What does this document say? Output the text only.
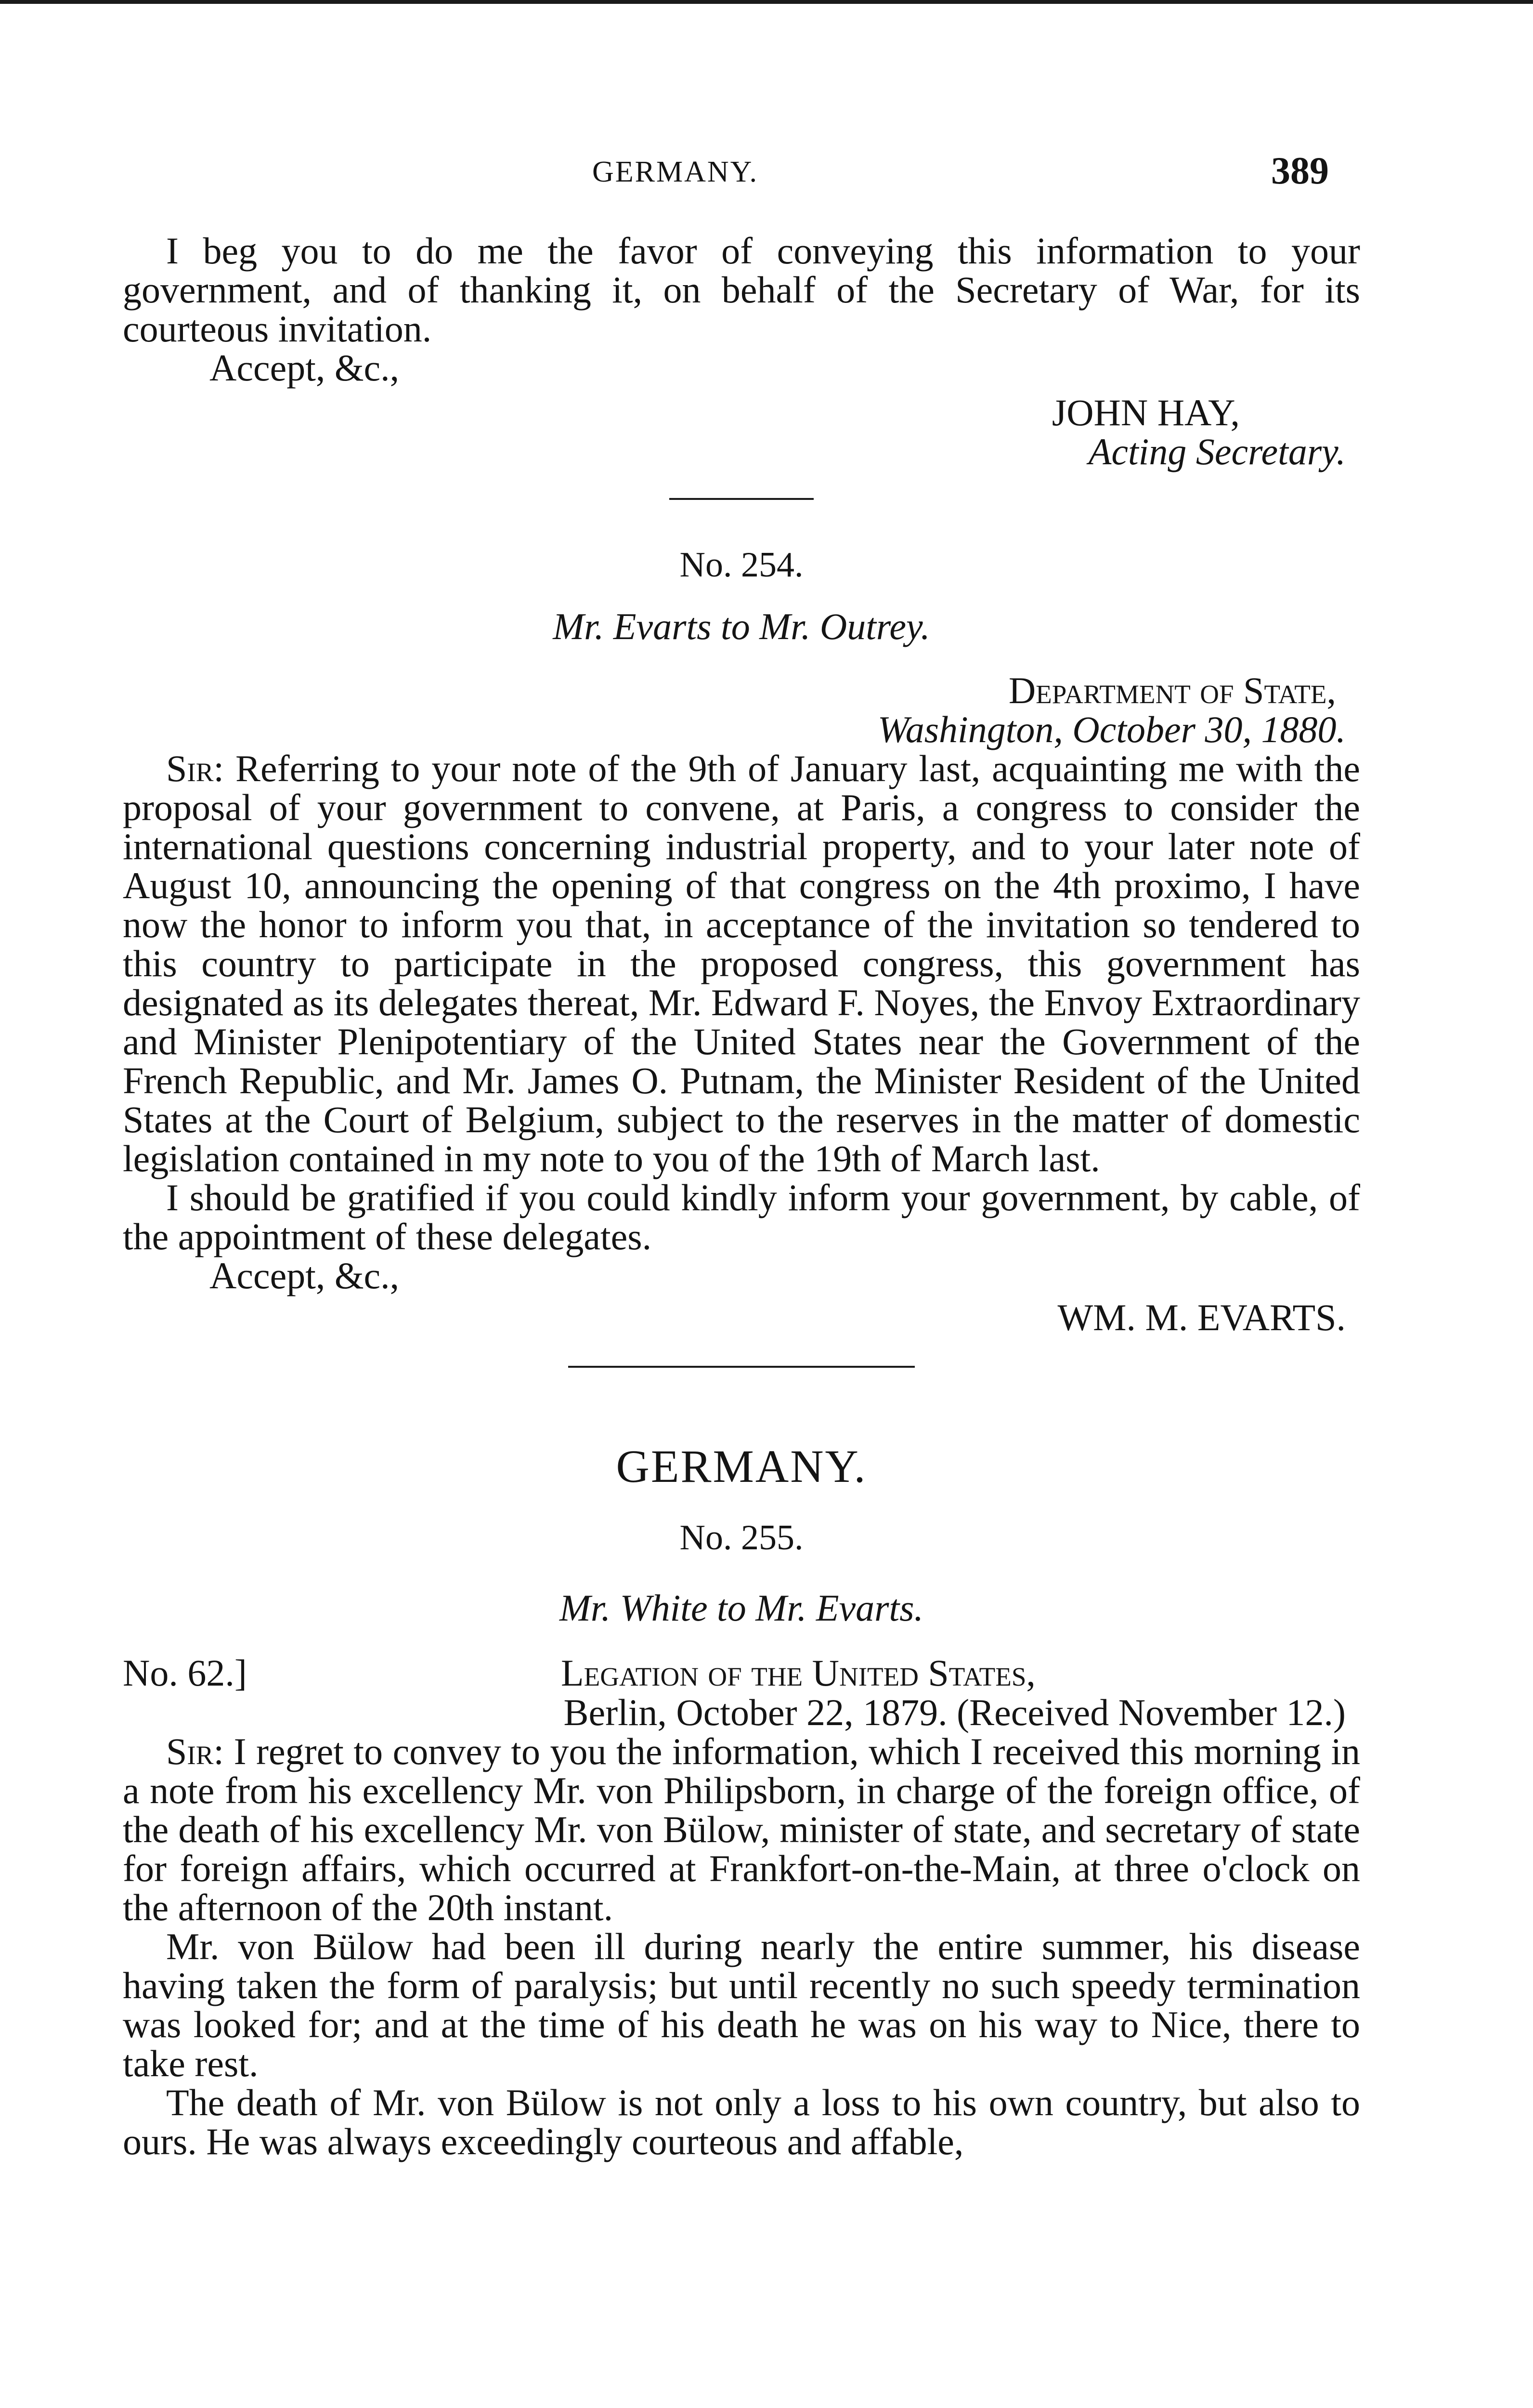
GERMANY.	389

I beg you to do me the favor of conveying this information to your government, and of thanking it, on behalf of the Secretary of War, for its courteous invitation.

Accept, &c.,
JOHN HAY,
Acting Secretary.
No. 254.
Mr. Evarts to Mr. Outrey.
Department of State,
Washington, October 30, 1880.

Sir: Referring to your note of the 9th of January last, acquainting me with the proposal of your government to convene, at Paris, a congress to consider the international questions concerning industrial property, and to your later note of August 10, announcing the opening of that congress on the 4th proximo, I have now the honor to inform you that, in acceptance of the invitation so tendered to this country to participate in the proposed congress, this government has designated as its delegates thereat, Mr. Edward F. Noyes, the Envoy Extraordinary and Minister Plenipotentiary of the United States near the Government of the French Republic, and Mr. James O. Putnam, the Minister Resident of the United States at the Court of Belgium, subject to the reserves in the matter of domestic legislation contained in my note to you of the 19th of March last.

I should be gratified if you could kindly inform your government, by cable, of the appointment of these delegates.

Accept, &c.,
WM. M. EVARTS.
GERMANY.
No. 255.
Mr. White to Mr. Evarts.
No. 62.]	Legation of the United States,
Berlin, October 22, 1879. (Received November 12.)

Sir: I regret to convey to you the information, which I received this morning in a note from his excellency Mr. von Philipsborn, in charge of the foreign office, of the death of his excellency Mr. von Bülow, minister of state, and secretary of state for foreign affairs, which occurred at Frankfort-on-the-Main, at three o'clock on the afternoon of the 20th instant.

Mr. von Bülow had been ill during nearly the entire summer, his disease having taken the form of paralysis; but until recently no such speedy termination was looked for; and at the time of his death he was on his way to Nice, there to take rest.

The death of Mr. von Bülow is not only a loss to his own country, but also to ours. He was always exceedingly courteous and affable,
